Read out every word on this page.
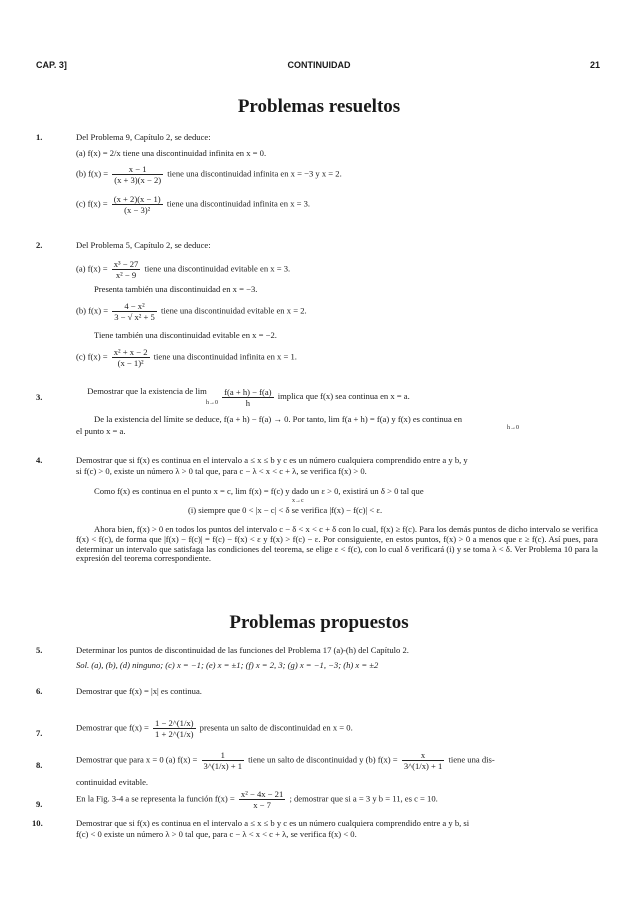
CAP. 3]	CONTINUIDAD	21
Problemas resueltos
1.	Del Problema 9, Capítulo 2, se deduce:
(a) f(x) = 2/x tiene una discontinuidad infinita en x = 0.
(b) $f(x) = \frac{x - 1}{(x + 3)(x - 2)}$ tiene una discontinuidad infinita en x = −3 y x = 2.
(c) $f(x) = \frac{(x + 2)(x - 1)}{\text{(x − 3)²}}$ tiene una discontinuidad infinita en x = 3.
2.	Del Problema 5, Capítulo 2, se deduce:
(a) $f(x) = \frac{\text{x³ − 27}}{\text{x² − 9}}$ tiene una discontinuidad evitable en x = 3.
Presenta también una discontinuidad en x = −3.
(b) $f(x) = \frac{\text{4 − x²}}{\text{3 − √ x² + 5}}$ tiene una discontinuidad evitable en x = 2.
Tiene también una discontinuidad evitable en x = −2.
(c) $f(x) = \frac{\text{x² + x − 2}}{\text{(x − 1)²}}$ tiene una discontinuidad infinita en x = 1.
3.
Demostrar que la existencia de lim
$h\to 0 \frac{f(a + h) - f(a)}{h}$ implica que f(x) sea continua en x = a.
De la existencia del límite se deduce, f(a + h) − f(a) → 0. Por tanto, lim f(a + h) = f(a) y f(x) es continua en
h→0
el punto x = a.
4.	Demostrar que si f(x) es continua en el intervalo a ≤ x ≤ b y c es un número cualquiera comprendido entre a y b, y
si f(c) > 0, existe un número λ > 0 tal que, para c − λ < x < c + λ, se verifica f(x) > 0.
Como f(x) es continua en el punto x = c, lim f(x) = f(c) y dado un ε > 0, existirá un δ > 0 tal que
x→c
(i) siempre que 0 < |x − c| < δ se verifica |f(x) − f(c)| < ε.
Ahora bien, f(x) > 0 en todos los puntos del intervalo c − δ < x < c + δ con lo cual, f(x) ≥ f(c). Para los demás puntos de dicho intervalo se verifica f(x) < f(c), de forma que |f(x) − f(c)| = f(c) − f(x) < ε y f(x) > f(c) − ε. Por consiguiente, en estos puntos, f(x) > 0 a menos que ε ≥ f(c). Así pues, para determinar un intervalo que satisfaga las condiciones del teorema, se elige ε < f(c), con lo cual δ verificará (i) y se toma λ < δ. Ver Problema 10 para la expresión del teorema correspondiente.
Problemas propuestos
5.	Determinar los puntos de discontinuidad de las funciones del Problema 17 (a)-(h) del Capítulo 2.
Sol. (a), (b), (d) ninguno; (c) x = −1; (e) x = ±1; (f) x = 2, 3; (g) x = −1, −3; (h) x = ±2
6.	Demostrar que f(x) = |x| es continua.
7.
Demostrar que $f(x) = \frac{1 - 2\^{}(1/x)}{1 + 2\^{}(1/x)}$ presenta un salto de discontinuidad en x = 0.
8.
Demostrar que para x = 0 (a) $f(x) = \frac{1}{3\^{}(1/x) + 1}$ tiene un salto de discontinuidad y (b) $f(x) = \frac{x}{3\^{}(1/x) + 1}$ tiene una dis-
continuidad evitable.
9.
En la Fig. 3-4 a se representa la función $f(x) = \frac{\text{x² − 4x − 21}}{x - 7}$ ; demostrar que si a = 3 y b = 11, es c = 10.
10.	Demostrar que si f(x) es continua en el intervalo a ≤ x ≤ b y c es un número cualquiera comprendido entre a y b, si
f(c) < 0 existe un número λ > 0 tal que, para c − λ < x < c + λ, se verifica f(x) < 0.
